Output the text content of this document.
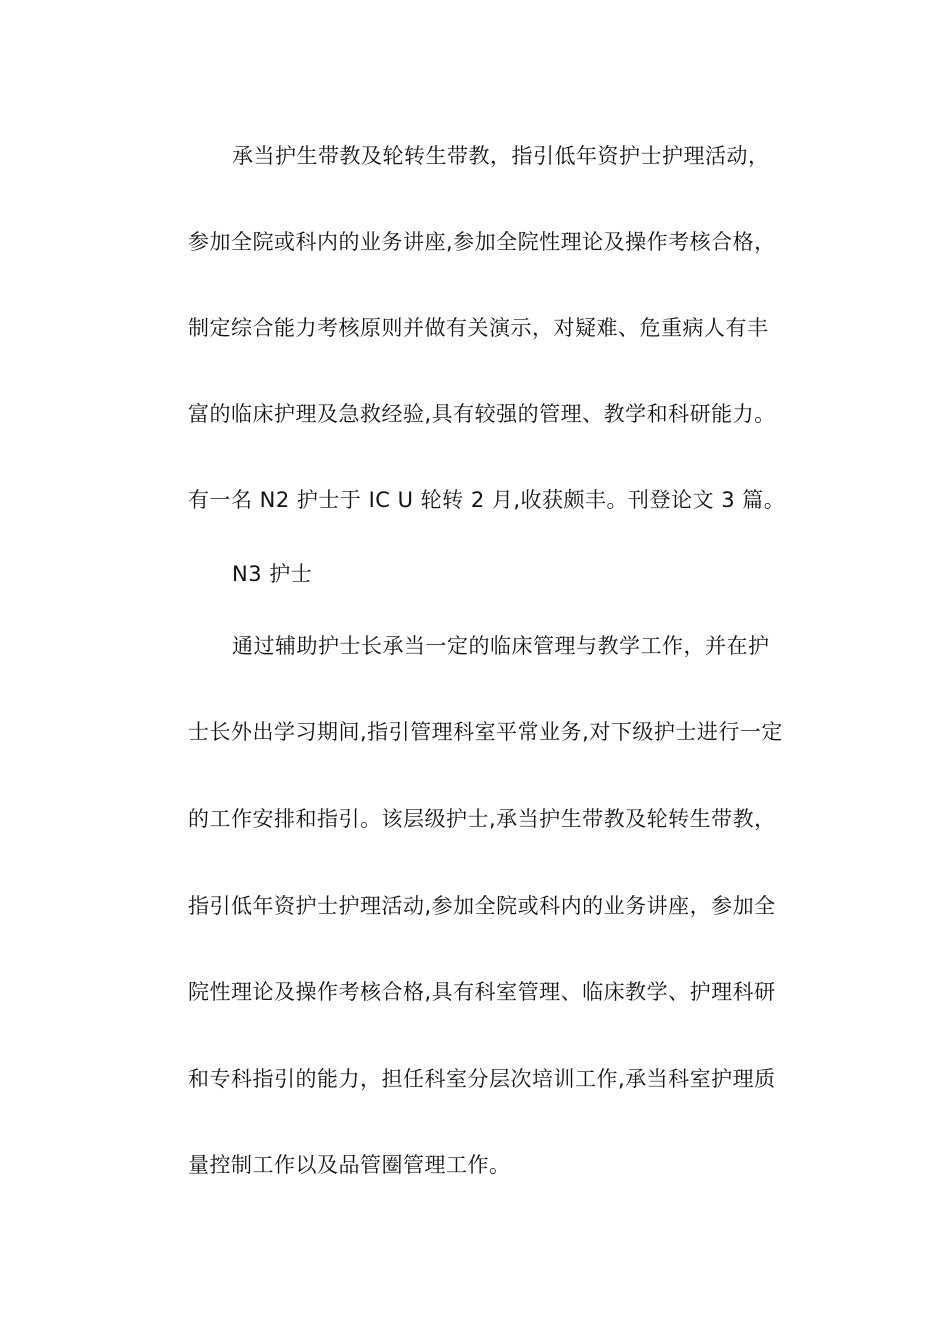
承当护生带教及轮转生带教，指引低年资护士护理活动，
参加全院或科内的业务讲座,参加全院性理论及操作考核合格，
制定综合能力考核原则并做有关演示，对疑难、危重病人有丰
富的临床护理及急救经验,具有较强的管理、教学和科研能力。
有一名 N2 护士于 IC U 轮转 2 月,收获颇丰。刊登论文 3 篇。
N3 护士
通过辅助护士长承当一定的临床管理与教学工作，并在护
士长外出学习期间,指引管理科室平常业务,对下级护士进行一定
的工作安排和指引。该层级护士,承当护生带教及轮转生带教，
指引低年资护士护理活动,参加全院或科内的业务讲座，参加全
院性理论及操作考核合格,具有科室管理、临床教学、护理科研
和专科指引的能力，担任科室分层次培训工作,承当科室护理质
量控制工作以及品管圈管理工作。
